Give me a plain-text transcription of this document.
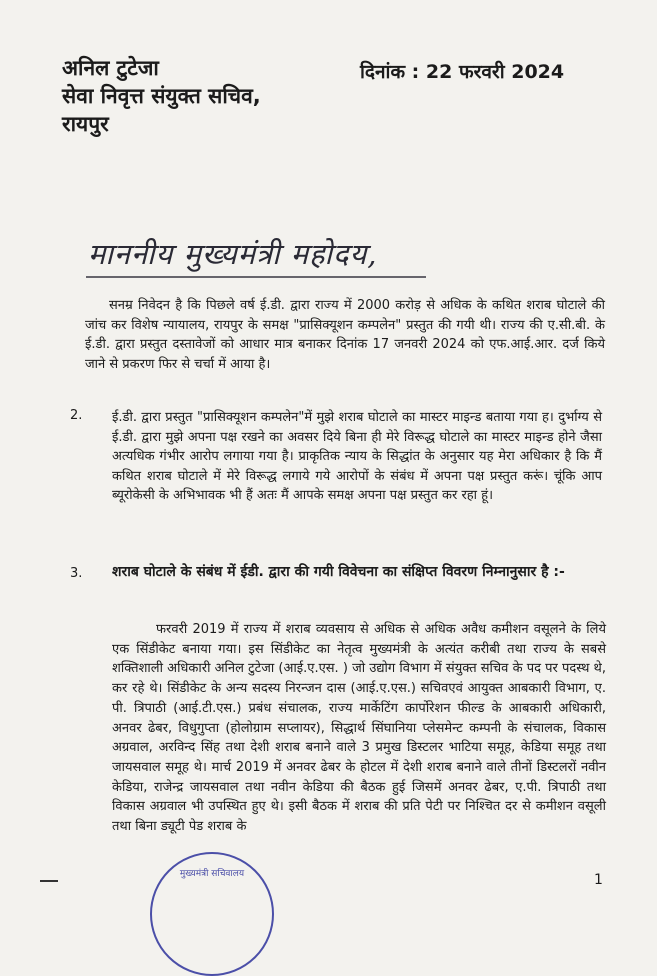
अनिल टुटेजा
सेवा निवृत्त संयुक्त सचिव,
रायपुर
दिनांक : 22 फरवरी 2024
माननीय मुख्यमंत्री महोदय,
सनम्र निवेदन है कि पिछले वर्ष ई.डी. द्वारा राज्य में 2000 करोड़ से अधिक के कथित शराब घोटाले की जांच कर विशेष न्यायालय, रायपुर के समक्ष "प्रासिक्यूशन कम्पलेन" प्रस्तुत की गयी थी। राज्य की ए.सी.बी. के ई.डी. द्वारा प्रस्तुत दस्तावेजों को आधार मात्र बनाकर दिनांक 17 जनवरी 2024 को एफ.आई.आर. दर्ज किये जाने से प्रकरण फिर से चर्चा में आया है।
2. ई.डी. द्वारा प्रस्तुत "प्रासिक्यूशन कम्पलेन"में मुझे शराब घोटाले का मास्टर माइन्ड बताया गया ह। दुर्भाग्य से ई.डी. द्वारा मुझे अपना पक्ष रखने का अवसर दिये बिना ही मेरे विरूद्ध घोटाले का मास्टर माइन्ड होने जैसा अत्यधिक गंभीर आरोप लगाया गया है। प्राकृतिक न्याय के सिद्धांत के अनुसार यह मेरा अधिकार है कि मैं कथित शराब घोटाले में मेरे विरूद्ध लगाये गये आरोपों के संबंध में अपना पक्ष प्रस्तुत करूं। चूंकि आप ब्यूरोकेसी के अभिभावक भी हैं अतः मैं आपके समक्ष अपना पक्ष प्रस्तुत कर रहा हूं।
3. शराब घोटाले के संबंध में ईडी. द्वारा की गयी विवेचना का संक्षिप्त विवरण निम्नानुसार है :-
फरवरी 2019 में राज्य में शराब व्यवसाय से अधिक से अधिक अवैध कमीशन वसूलने के लिये एक सिंडीकेट बनाया गया। इस सिंडीकेट का नेतृत्व मुख्यमंत्री के अत्यंत करीबी तथा राज्य के सबसे शक्तिशाली अधिकारी अनिल टुटेजा (आई.ए.एस. ) जो उद्योग विभाग में संयुक्त सचिव के पद पर पदस्थ थे, कर रहे थे। सिंडीकेट के अन्य सदस्य निरन्जन दास (आई.ए.एस.) सचिवएवं आयुक्त आबकारी विभाग, ए. पी. त्रिपाठी (आई.टी.एस.) प्रबंध संचालक, राज्य मार्केटिंग कार्पोरेशन फील्ड के आबकारी अधिकारी, अनवर ढेबर, विधुगुप्ता (होलोग्राम सप्लायर), सिद्धार्थ सिंघानिया प्लेसमेन्ट कम्पनी के संचालक, विकास अग्रवाल, अरविन्द सिंह तथा देशी शराब बनाने वाले 3 प्रमुख डिस्टलर भाटिया समूह, केडिया समूह तथा जायसवाल समूह थे। मार्च 2019 में अनवर ढेबर के होटल में देशी शराब बनाने वाले तीनों डिस्टलरों नवीन केडिया, राजेन्द्र जायसवाल तथा नवीन केडिया की बैठक हुई जिसमें अनवर ढेबर, ए.पी. त्रिपाठी तथा विकास अग्रवाल भी उपस्थित हुए थे। इसी बैठक में शराब की प्रति पेटी पर निश्चित दर से कमीशन वसूली तथा बिना ड्यूटी पेड शराब के
मुख्यमंत्री सचिवालय	1
